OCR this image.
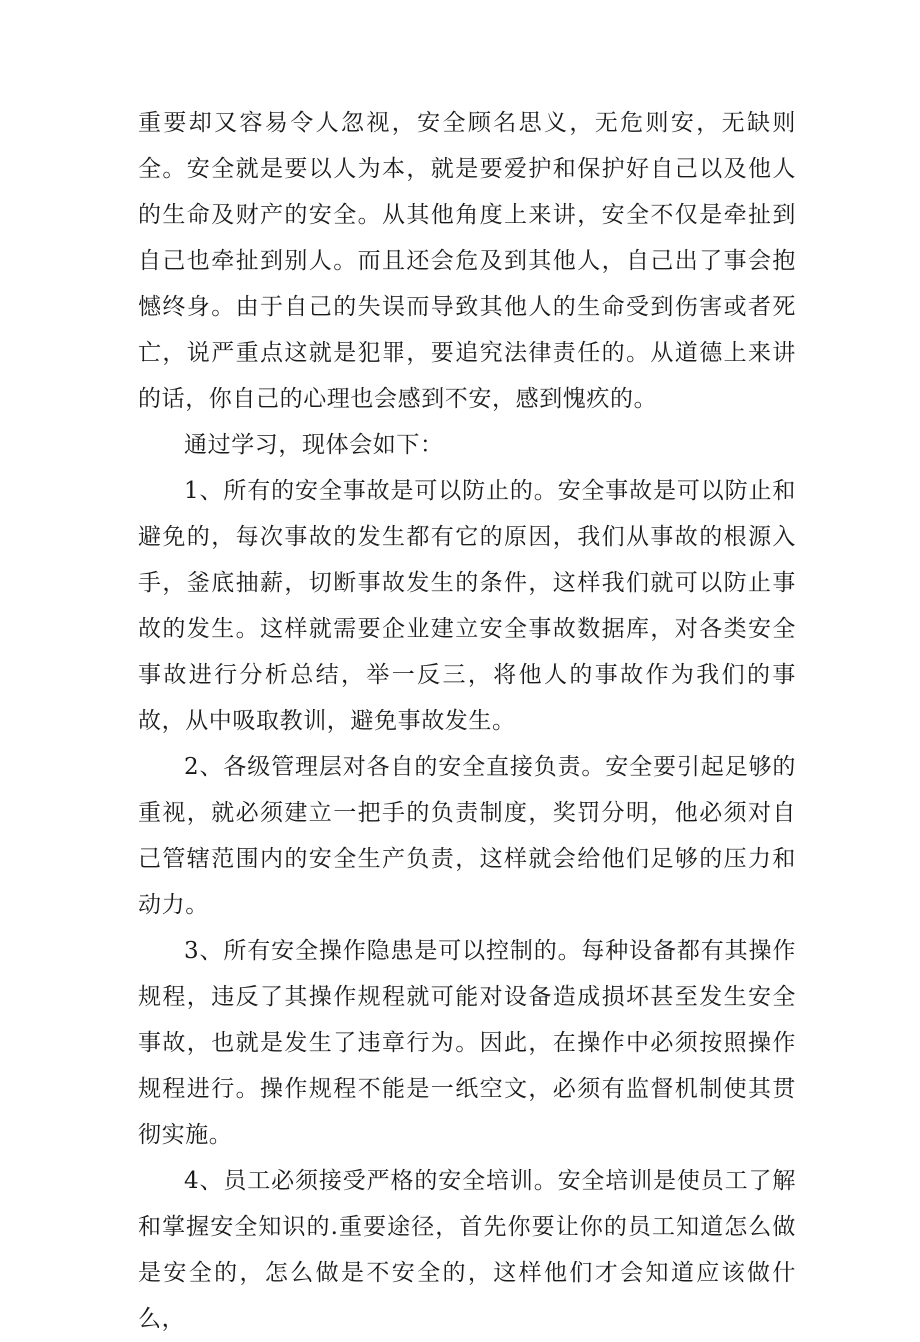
重要却又容易令人忽视，安全顾名思义，无危则安，无缺则全。安全就是要以人为本，就是要爱护和保护好自己以及他人的生命及财产的安全。从其他角度上来讲，安全不仅是牵扯到自己也牵扯到别人。而且还会危及到其他人，自己出了事会抱憾终身。由于自己的失误而导致其他人的生命受到伤害或者死亡，说严重点这就是犯罪，要追究法律责任的。从道德上来讲的话，你自己的心理也会感到不安，感到愧疚的。

通过学习，现体会如下：

1、所有的安全事故是可以防止的。安全事故是可以防止和避免的，每次事故的发生都有它的原因，我们从事故的根源入手，釜底抽薪，切断事故发生的条件，这样我们就可以防止事故的发生。这样就需要企业建立安全事故数据库，对各类安全事故进行分析总结，举一反三，将他人的事故作为我们的事故，从中吸取教训，避免事故发生。

2、各级管理层对各自的安全直接负责。安全要引起足够的重视，就必须建立一把手的负责制度，奖罚分明，他必须对自己管辖范围内的安全生产负责，这样就会给他们足够的压力和动力。

3、所有安全操作隐患是可以控制的。每种设备都有其操作规程，违反了其操作规程就可能对设备造成损坏甚至发生安全事故，也就是发生了违章行为。因此，在操作中必须按照操作规程进行。操作规程不能是一纸空文，必须有监督机制使其贯彻实施。

4、员工必须接受严格的安全培训。安全培训是使员工了解和掌握安全知识的.重要途径，首先你要让你的员工知道怎么做是安全的，怎么做是不安全的，这样他们才会知道应该做什么，
